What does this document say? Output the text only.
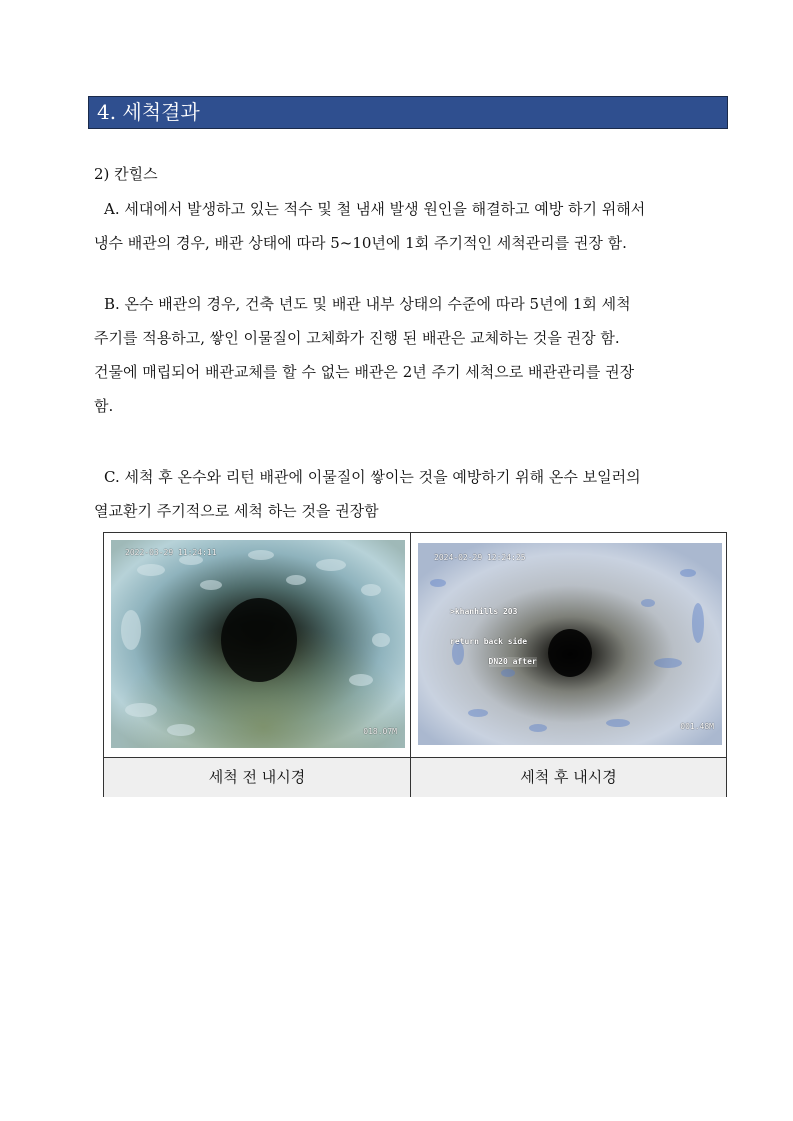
4. 세척결과
2) 칸힐스
A. 세대에서 발생하고 있는 적수 및 철 냄새 발생 원인을 해결하고 예방 하기 위해서
냉수 배관의 경우, 배관 상태에 따라 5~10년에 1회 주기적인 세척관리를 권장 함.
B. 온수 배관의 경우, 건축 년도 및 배관 내부 상태의 수준에 따라 5년에 1회 세척
주기를 적용하고, 쌓인 이물질이 고체화가 진행 된 배관은 교체하는 것을 권장 함.
건물에 매립되어 배관교체를 할 수 없는 배관은 2년 주기 세척으로 배관관리를 권장
함.
C. 세척 후 온수와 리턴 배관에 이물질이 쌓이는 것을 예방하기 위해 온수 보일러의
열교환기 주기적으로 세척 하는 것을 권장함
2022-03-29 11:24:11
018.07M
2024-02-29 12:24:25

>khanhills 203

return back side

DN20 after

001.48M
세척 전 내시경	세척 후 내시경
